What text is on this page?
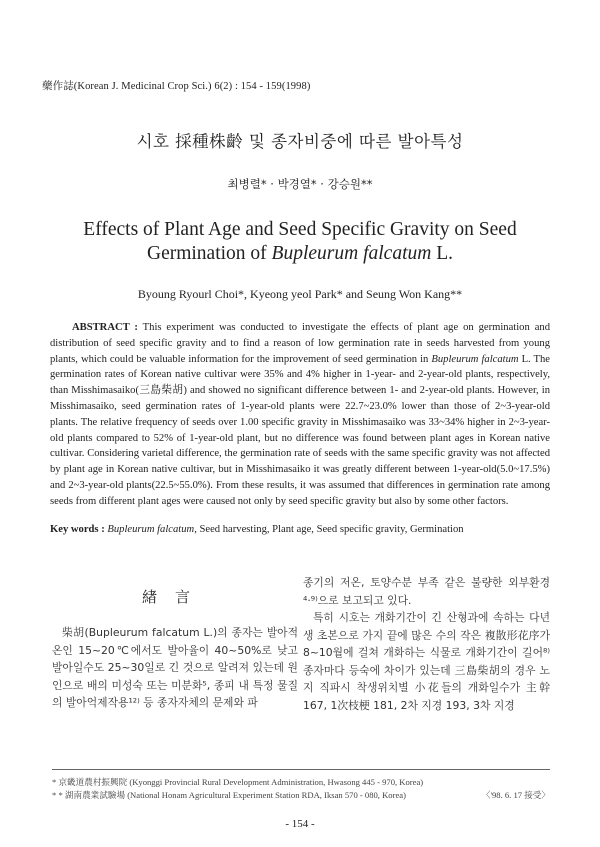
藥作誌(Korean J. Medicinal Crop Sci.) 6(2) : 154 - 159(1998)
시호 採種株齡 및 종자비중에 따른 발아특성
최병렬* · 박경열* · 강승원**
Effects of Plant Age and Seed Specific Gravity on Seed
Germination of Bupleurum falcatum L.
Byoung Ryourl Choi*, Kyeong yeol Park* and Seung Won Kang**
ABSTRACT : This experiment was conducted to investigate the effects of plant age on germination and distribution of seed specific gravity and to find a reason of low germination rate in seeds harvested from young plants, which could be valuable information for the improvement of seed germination in Bupleurum falcatum L. The germination rates of Korean native cultivar were 35% and 4% higher in 1-year- and 2-year-old plants, respectively, than Misshimasaiko(三島柴胡) and showed no significant difference between 1- and 2-year-old plants. However, in Misshimasaiko, seed germination rates of 1-year-old plants were 22.7~23.0% lower than those of 2~3-year-old plants. The relative frequency of seeds over 1.00 specific gravity in Misshimasaiko was 33~34% higher in 2~3-year-old plants compared to 52% of 1-year-old plant, but no difference was found between plant ages in Korean native cultivar. Considering varietal difference, the germination rate of seeds with the same specific gravity was not affected by plant age in Korean native cultivar, but in Misshimasaiko it was greatly different between 1-year-old(5.0~17.5%) and 2~3-year-old plants(22.5~55.0%). From these results, it was assumed that differences in germination rate among seeds from different plant ages were caused not only by seed specific gravity but also by some other factors.
Key words : Bupleurum falcatum, Seed harvesting, Plant age, Seed specific gravity, Germination
緖言
柴胡(Bupleurum falcatum L.)의 종자는 발아적온인 15~20℃에서도 발아율이 40~50%로 낮고 발아일수도 25~30일로 긴 것으로 알려져 있는데 원인으로 배의 미성숙 또는 미분화⁵, 종피 내 특정 물질의 발아억제작용¹²⁾ 등 종자자체의 문제와 파
종기의 저온, 토양수분 부족 같은 불량한 외부환경⁴·⁹⁾으로 보고되고 있다.
특히 시호는 개화기간이 긴 산형과에 속하는 다년생 초본으로 가지 끝에 많은 수의 작은 複散形花序가 8~10월에 걸쳐 개화하는 식물로 개화기간이 길어⁸⁾ 종자마다 등숙에 차이가 있는데 三島柴胡의 경우 노지 직파시 착생위치별 小花들의 개화일수가 主幹 167, 1次枝梗 181, 2차 지경 193, 3차 지경
* 京畿道農村振興院 (Kyonggi Provincial Rural Development Administration, Hwasong 445 - 970, Korea)
* * 湖南農業試驗場 (National Honam Agricultural Experiment Station RDA, Iksan 570 - 080, Korea)	〈'98. 6. 17 接受〉
- 154 -
